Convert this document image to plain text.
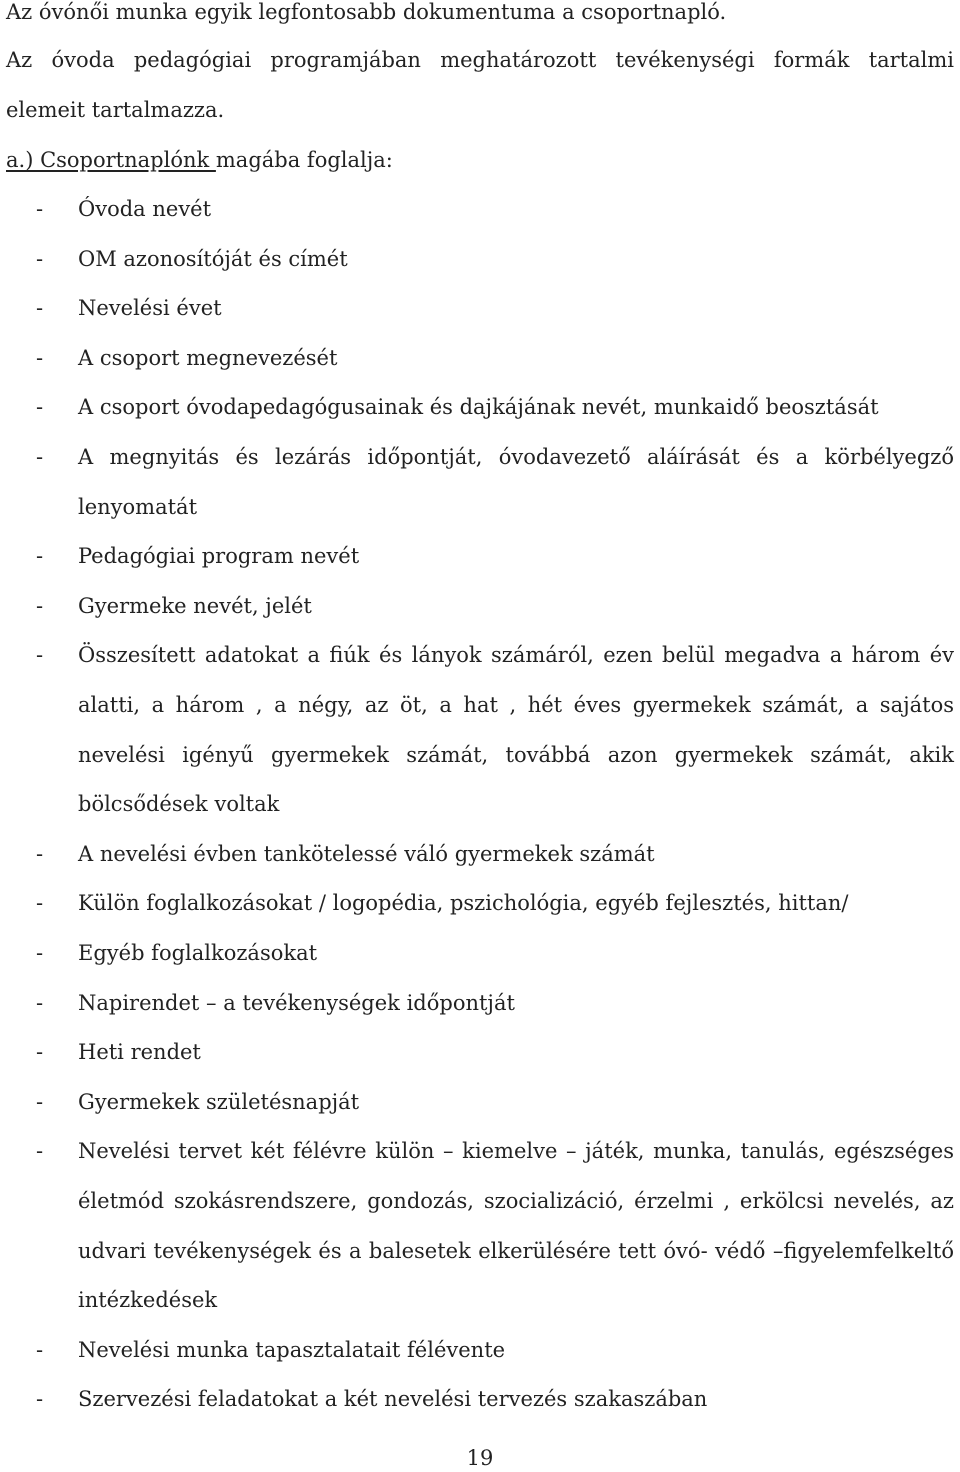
Az óvónői munka egyik legfontosabb dokumentuma a csoportnapló.
Az óvoda pedagógiai programjában meghatározott tevékenységi formák tartalmi
elemeit tartalmazza.
a.) Csoportnaplónk magába foglalja:
- Óvoda nevét
- OM azonosítóját és címét
- Nevelési évet
- A csoport megnevezését
- A csoport óvodapedagógusainak és dajkájának nevét, munkaidő beosztását
- A megnyitás és lezárás időpontját, óvodavezető aláírását és a körbélyegző
lenyomatát
- Pedagógiai program nevét
- Gyermeke nevét, jelét
- Összesített adatokat a fiúk és lányok számáról, ezen belül megadva a három év
alatti, a három , a négy, az öt, a hat , hét éves gyermekek számát, a sajátos
nevelési igényű gyermekek számát, továbbá azon gyermekek számát, akik
bölcsődések voltak
- A nevelési évben tankötelessé váló gyermekek számát
- Külön foglalkozásokat / logopédia, pszichológia, egyéb fejlesztés, hittan/
- Egyéb foglalkozásokat
- Napirendet – a tevékenységek időpontját
- Heti rendet
- Gyermekek születésnapját
- Nevelési tervet két félévre külön – kiemelve – játék, munka, tanulás, egészséges
életmód szokásrendszere, gondozás, szocializáció, érzelmi , erkölcsi nevelés, az
udvari tevékenységek és a balesetek elkerülésére tett óvó- védő –figyelemfelkeltő
intézkedések
- Nevelési munka tapasztalatait félévente
- Szervezési feladatokat a két nevelési tervezés szakaszában
19
